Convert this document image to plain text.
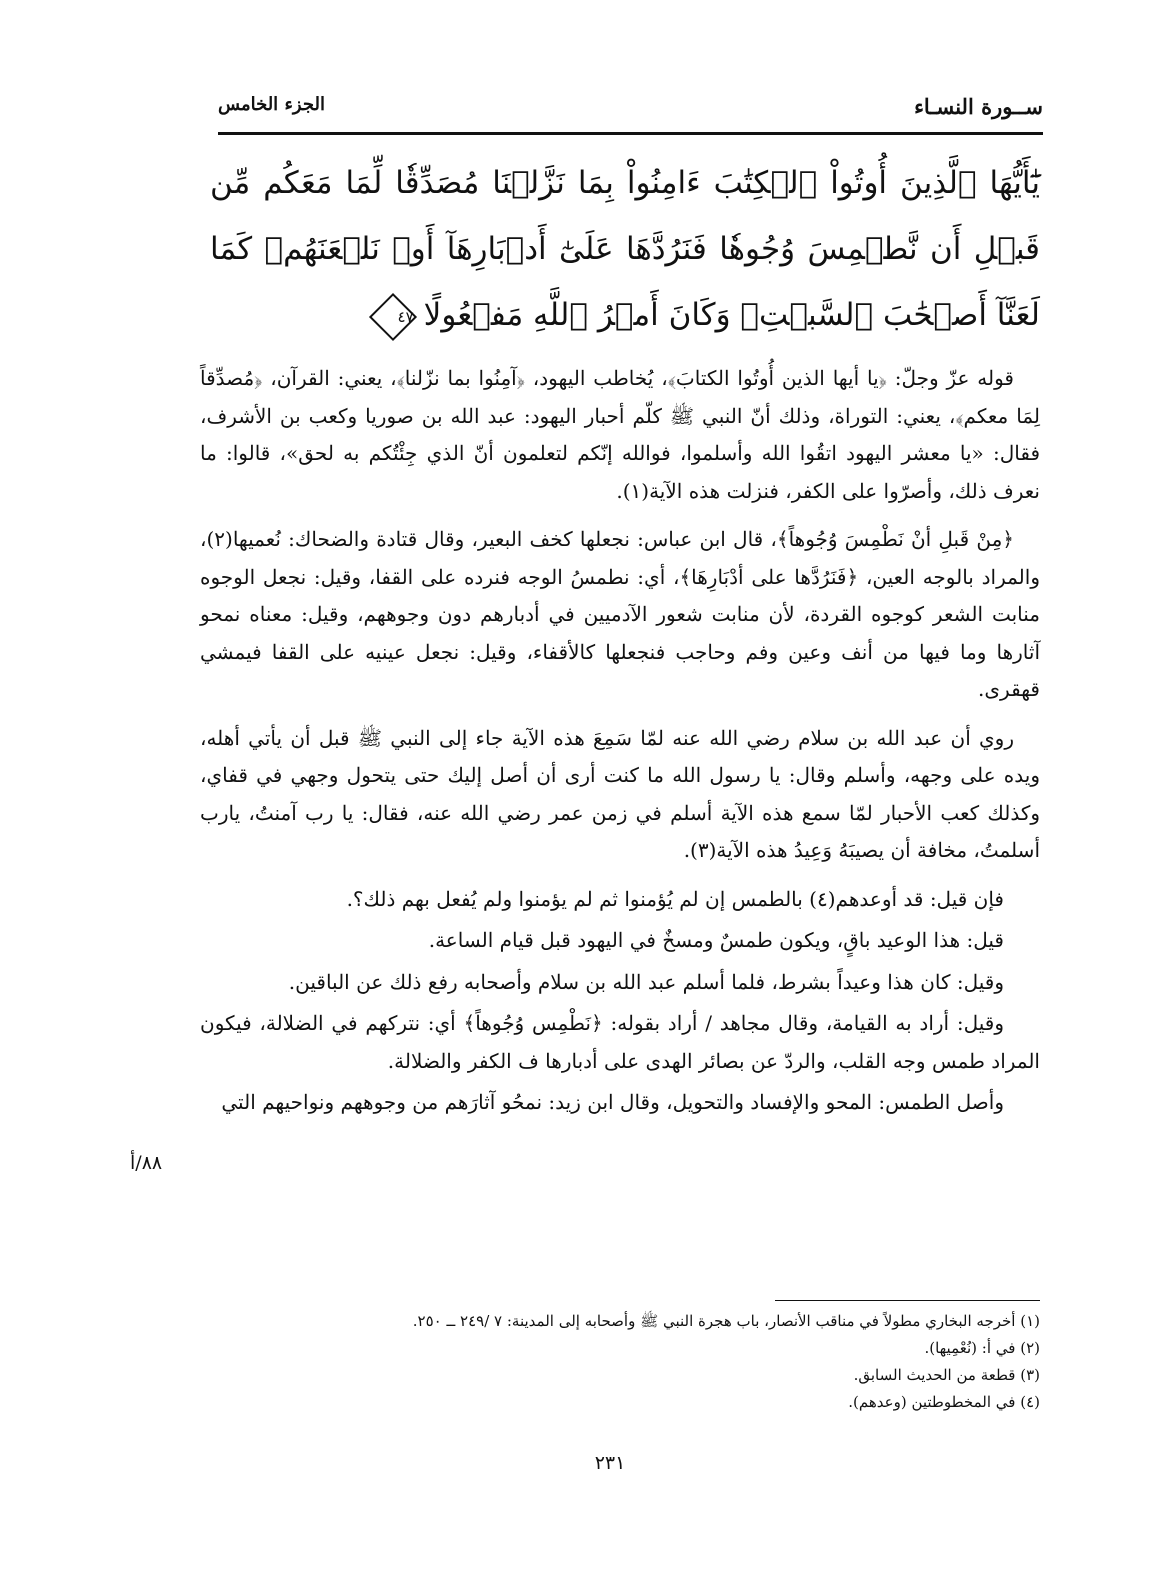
ســورة النسـاء
الجزء الخامس
يَٰٓأَيُّهَا ٱلَّذِينَ أُوتُواْ ٱلۡكِتَٰبَ ءَامِنُواْ بِمَا نَزَّلۡنَا مُصَدِّقٗا لِّمَا مَعَكُم مِّن قَبۡلِ أَن نَّطۡمِسَ وُجُوهٗا فَنَرُدَّهَا عَلَىٰٓ أَدۡبَارِهَآ أَوۡ نَلۡعَنَهُمۡ كَمَا لَعَنَّآ أَصۡحَٰبَ ٱلسَّبۡتِۚ وَكَانَ أَمۡرُ ٱللَّهِ مَفۡعُولًا
٤٧

قوله عزّ وجلّ: ﴿يا أيها الذين أُوتُوا الكتابَ﴾، يُخاطب اليهود، ﴿آمِنُوا بما نزّلنا﴾، يعني: القرآن، ﴿مُصدِّقاً لِمَا معكم﴾، يعني: التوراة، وذلك أنّ النبي ﷺ كلّم أحبار اليهود: عبد الله بن صوريا وكعب بن الأشرف، فقال: «يا معشر اليهود اتقُوا الله وأسلموا، فوالله إنّكم لتعلمون أنّ الذي جِئْتُكم به لحق»، قالوا: ما نعرف ذلك، وأصرّوا على الكفر، فنزلت هذه الآية(١).

﴿مِنْ قَبلِ أنْ نَطْمِسَ وُجُوهاً﴾، قال ابن عباس: نجعلها كخف البعير، وقال قتادة والضحاك: نُعميها(٢)، والمراد بالوجه العين، ﴿فَنَرُدَّها على أدْبَارِهَا﴾، أي: نطمسُ الوجه فنرده على القفا، وقيل: نجعل الوجوه منابت الشعر كوجوه القردة، لأن منابت شعور الآدميين في أدبارهم دون وجوههم، وقيل: معناه نمحو آثارها وما فيها من أنف وعين وفم وحاجب فنجعلها كالأقفاء، وقيل: نجعل عينيه على القفا فيمشي قهقرى.

روي أن عبد الله بن سلام رضي الله عنه لمّا سَمِعَ هذه الآية جاء إلى النبي ﷺ قبل أن يأتي أهله، ويده على وجهه، وأسلم وقال: يا رسول الله ما كنت أرى أن أصل إليك حتى يتحول وجهي في قفاي، وكذلك كعب الأحبار لمّا سمع هذه الآية أسلم في زمن عمر رضي الله عنه، فقال: يا رب آمنتُ، يارب أسلمتُ، مخافة أن يصيبَهُ وَعِيدُ هذه الآية(٣).

فإن قيل: قد أوعدهم(٤) بالطمس إن لم يُؤمنوا ثم لم يؤمنوا ولم يُفعل بهم ذلك؟.

قيل: هذا الوعيد باقٍ، ويكون طمسٌ ومسخٌ في اليهود قبل قيام الساعة.

وقيل: كان هذا وعيداً بشرط، فلما أسلم عبد الله بن سلام وأصحابه رفع ذلك عن الباقين.

وقيل: أراد به القيامة، وقال مجاهد / أراد بقوله: ﴿نَطْمِس وُجُوهاً﴾ أي: نتركهم في الضلالة، فيكون المراد طمس وجه القلب، والردّ عن بصائر الهدى على أدبارها ف الكفر والضلالة.

وأصل الطمس: المحو والإفساد والتحويل، وقال ابن زيد: نمحُو آثارَهم من وجوههم ونواحيهم التي

٨٨/أ
(١) أخرجه البخاري مطولاً في مناقب الأنصار، باب هجرة النبي ﷺ وأصحابه إلى المدينة: ٧ /٢٤٩ ــ ٢٥٠.
(٢) في أ: (نُعْمِيها).
(٣) قطعة من الحديث السابق.
(٤) في المخطوطتين (وعدهم).
٢٣١
